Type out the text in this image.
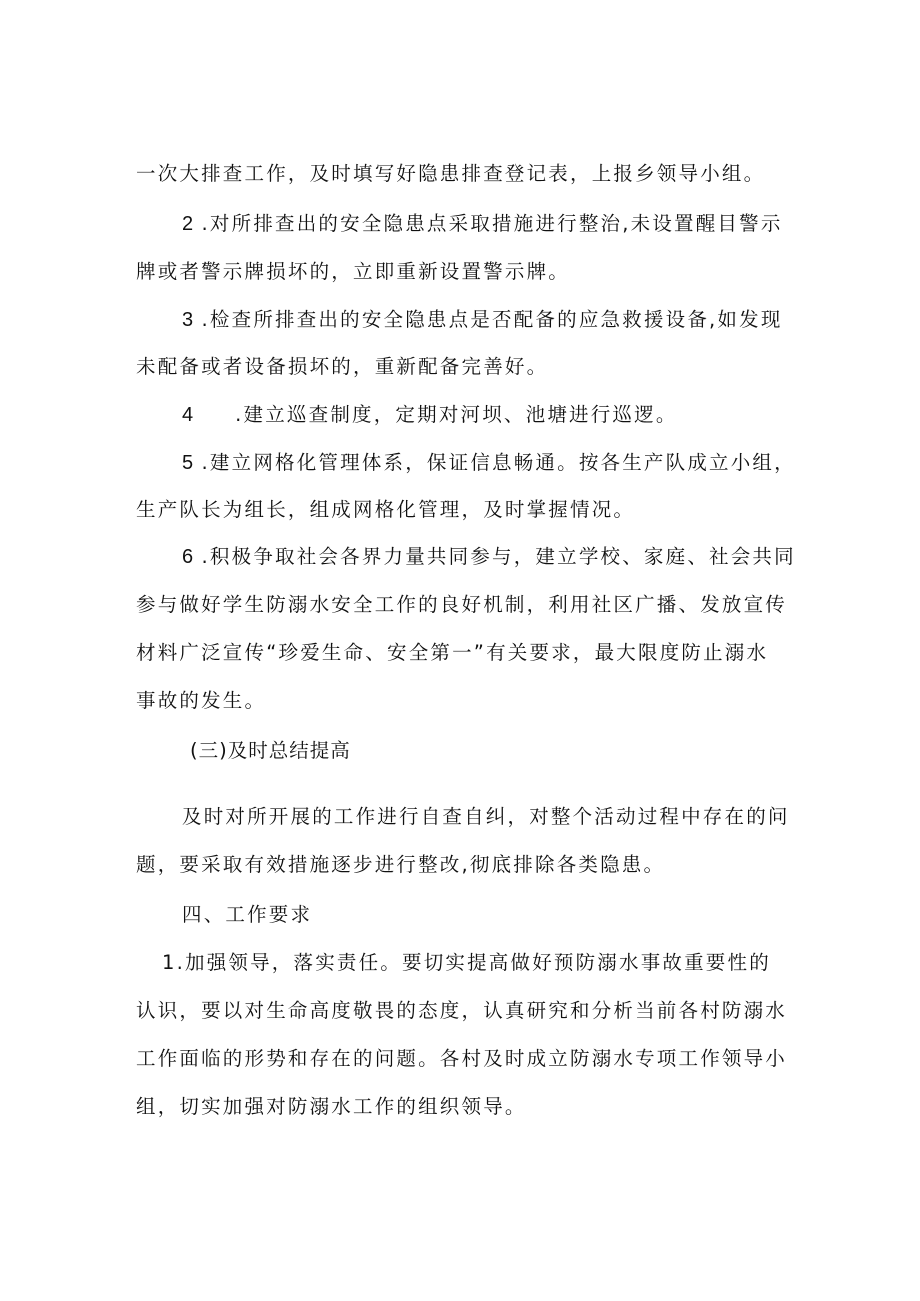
一次大排查工作，及时填写好隐患排查登记表，上报乡领导小组。
2 .对所排查出的安全隐患点采取措施进行整治,未设置醒目警示
牌或者警示牌损坏的，立即重新设置警示牌。
3 .检查所排查出的安全隐患点是否配备的应急救援设备,如发现
未配备或者设备损坏的，重新配备完善好。
4 .建立巡查制度，定期对河坝、池塘进行巡逻。
5 .建立网格化管理体系，保证信息畅通。按各生产队成立小组，
生产队长为组长，组成网格化管理，及时掌握情况。
6 .积极争取社会各界力量共同参与，建立学校、家庭、社会共同
参与做好学生防溺水安全工作的良好机制，利用社区广播、发放宣传
材料广泛宣传“珍爱生命、安全第一”有关要求，最大限度防止溺水
事故的发生。
(三)及时总结提高
及时对所开展的工作进行自查自纠，对整个活动过程中存在的问
题，要采取有效措施逐步进行整改,彻底排除各类隐患。
四、工作要求
1.加强领导，落实责任。要切实提高做好预防溺水事故重要性的
认识，要以对生命高度敬畏的态度，认真研究和分析当前各村防溺水
工作面临的形势和存在的问题。各村及时成立防溺水专项工作领导小
组，切实加强对防溺水工作的组织领导。
